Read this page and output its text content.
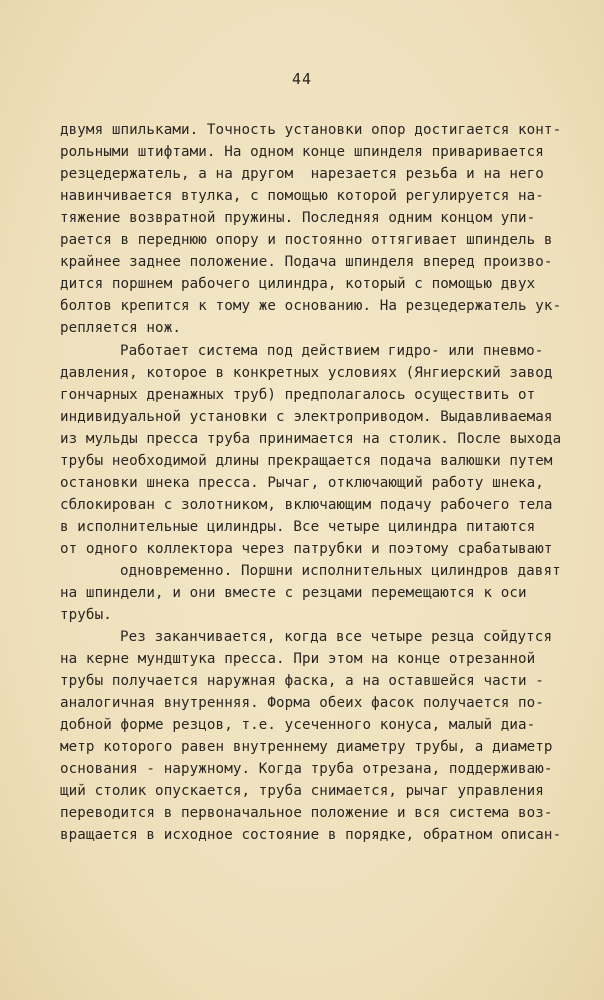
44
двумя шпильками. Точность установки опор достигается конт-
рольными штифтами. На одном конце шпинделя приваривается
резцедержатель, а на другом  нарезается резьба и на него
навинчивается втулка, с помощью которой регулируется на-
тяжение возвратной пружины. Последняя одним концом упи-
рается в переднюю опору и постоянно оттягивает шпиндель в
крайнее заднее положение. Подача шпинделя вперед произво-
дится поршнем рабочего цилиндра, который с помощью двух
болтов крепится к тому же основанию. На резцедержатель ук-
репляется нож.
Работает система под действием гидро- или пневмо-
давления, которое в конкретных условиях (Янгиерский завод
гончарных дренажных труб) предполагалось осуществить от
индивидуальной установки с электроприводом. Выдавливаемая
из мульды пресса труба принимается на столик. После выхода
трубы необходимой длины прекращается подача валюшки путем
остановки шнека пресса. Рычаг, отключающий работу шнека,
сблокирован с золотником, включающим подачу рабочего тела
в исполнительные цилиндры. Все четыре цилиндра питаются
от одного коллектора через патрубки и поэтому срабатывают
одновременно. Поршни исполнительных цилиндров давят
на шпиндели, и они вместе с резцами перемещаются к оси
трубы.
Рез заканчивается, когда все четыре резца сойдутся
на керне мундштука пресса. При этом на конце отрезанной
трубы получается наружная фаска, а на оставшейся части -
аналогичная внутренняя. Форма обеих фасок получается по-
добной форме резцов, т.е. усеченного конуса, малый диа-
метр которого равен внутреннему диаметру трубы, а диаметр
основания - наружному. Когда труба отрезана, поддерживаю-
щий столик опускается, труба снимается, рычаг управления
переводится в первоначальное положение и вся система воз-
вращается в исходное состояние в порядке, обратном описан-
